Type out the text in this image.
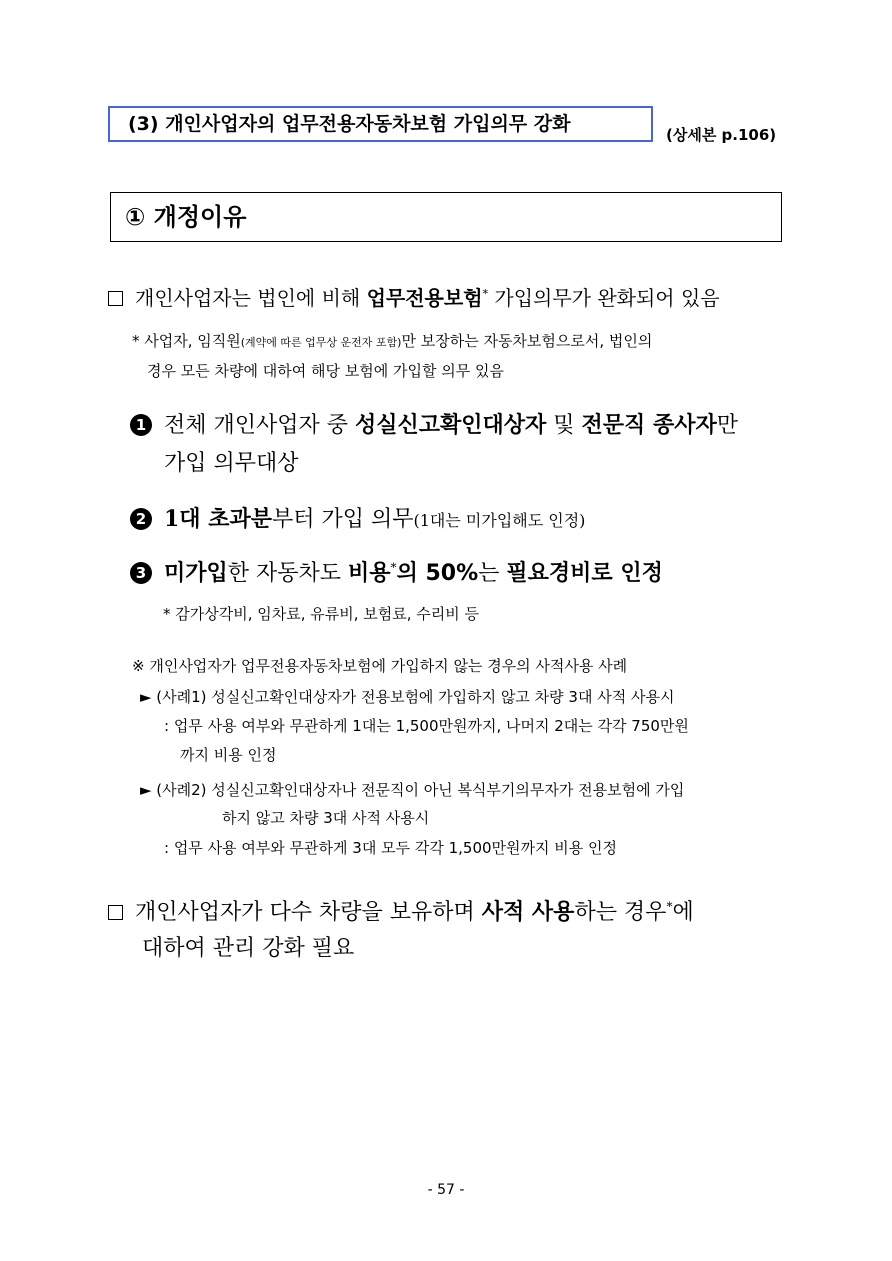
(3) 개인사업자의 업무전용자동차보험 가입의무 강화	(상세본 p.106)
① 개정이유
개인사업자는 법인에 비해 업무전용보험* 가입의무가 완화되어 있음
* 사업자, 임직원(계약에 따른 업무상 운전자 포함)만 보장하는 자동차보험으로서, 법인의
경우 모든 차량에 대하여 해당 보험에 가입할 의무 있음
1 전체 개인사업자 중 성실신고확인대상자 및 전문직 종사자만
가입 의무대상
2 1대 초과분부터 가입 의무(1대는 미가입해도 인정)
3 미가입한 자동차도 비용*의 50%는 필요경비로 인정
* 감가상각비, 임차료, 유류비, 보험료, 수리비 등
※ 개인사업자가 업무전용자동차보험에 가입하지 않는 경우의 사적사용 사례
► (사례1) 성실신고확인대상자가 전용보험에 가입하지 않고 차량 3대 사적 사용시
: 업무 사용 여부와 무관하게 1대는 1,500만원까지, 나머지 2대는 각각 750만원
까지 비용 인정
► (사례2) 성실신고확인대상자나 전문직이 아닌 복식부기의무자가 전용보험에 가입
하지 않고 차량 3대 사적 사용시
: 업무 사용 여부와 무관하게 3대 모두 각각 1,500만원까지 비용 인정
개인사업자가 다수 차량을 보유하며 사적 사용하는 경우*에
대하여 관리 강화 필요
- 57 -
